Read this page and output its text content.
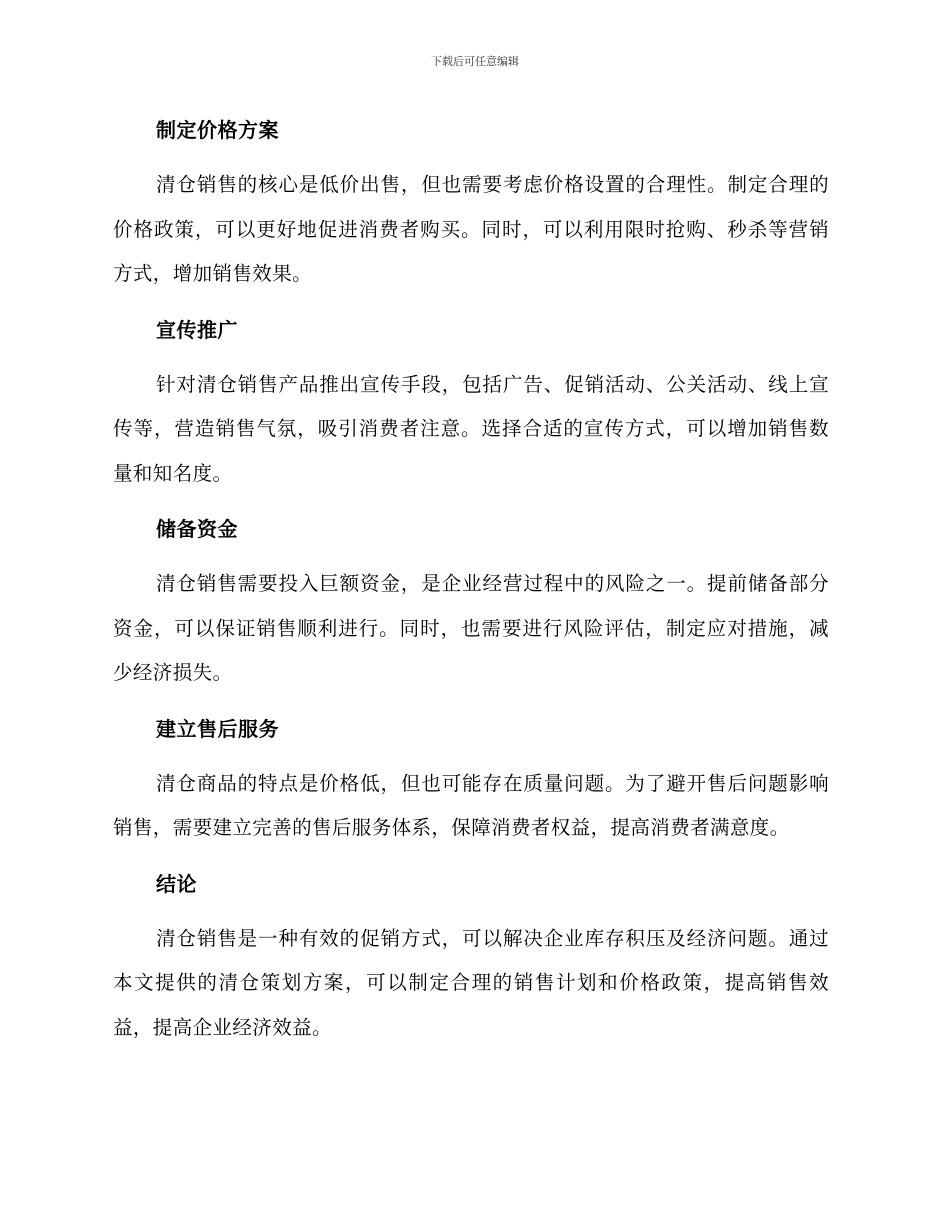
下载后可任意编辑
制定价格方案

清仓销售的核心是低价出售，但也需要考虑价格设置的合理性。制定合理的价格政策，可以更好地促进消费者购买。同时，可以利用限时抢购、秒杀等营销方式，增加销售效果。

宣传推广

针对清仓销售产品推出宣传手段，包括广告、促销活动、公关活动、线上宣传等，营造销售气氛，吸引消费者注意。选择合适的宣传方式，可以增加销售数量和知名度。

储备资金

清仓销售需要投入巨额资金，是企业经营过程中的风险之一。提前储备部分资金，可以保证销售顺利进行。同时，也需要进行风险评估，制定应对措施，减少经济损失。

建立售后服务

清仓商品的特点是价格低，但也可能存在质量问题。为了避开售后问题影响销售，需要建立完善的售后服务体系，保障消费者权益，提高消费者满意度。

结论

清仓销售是一种有效的促销方式，可以解决企业库存积压及经济问题。通过本文提供的清仓策划方案，可以制定合理的销售计划和价格政策，提高销售效益，提高企业经济效益。
